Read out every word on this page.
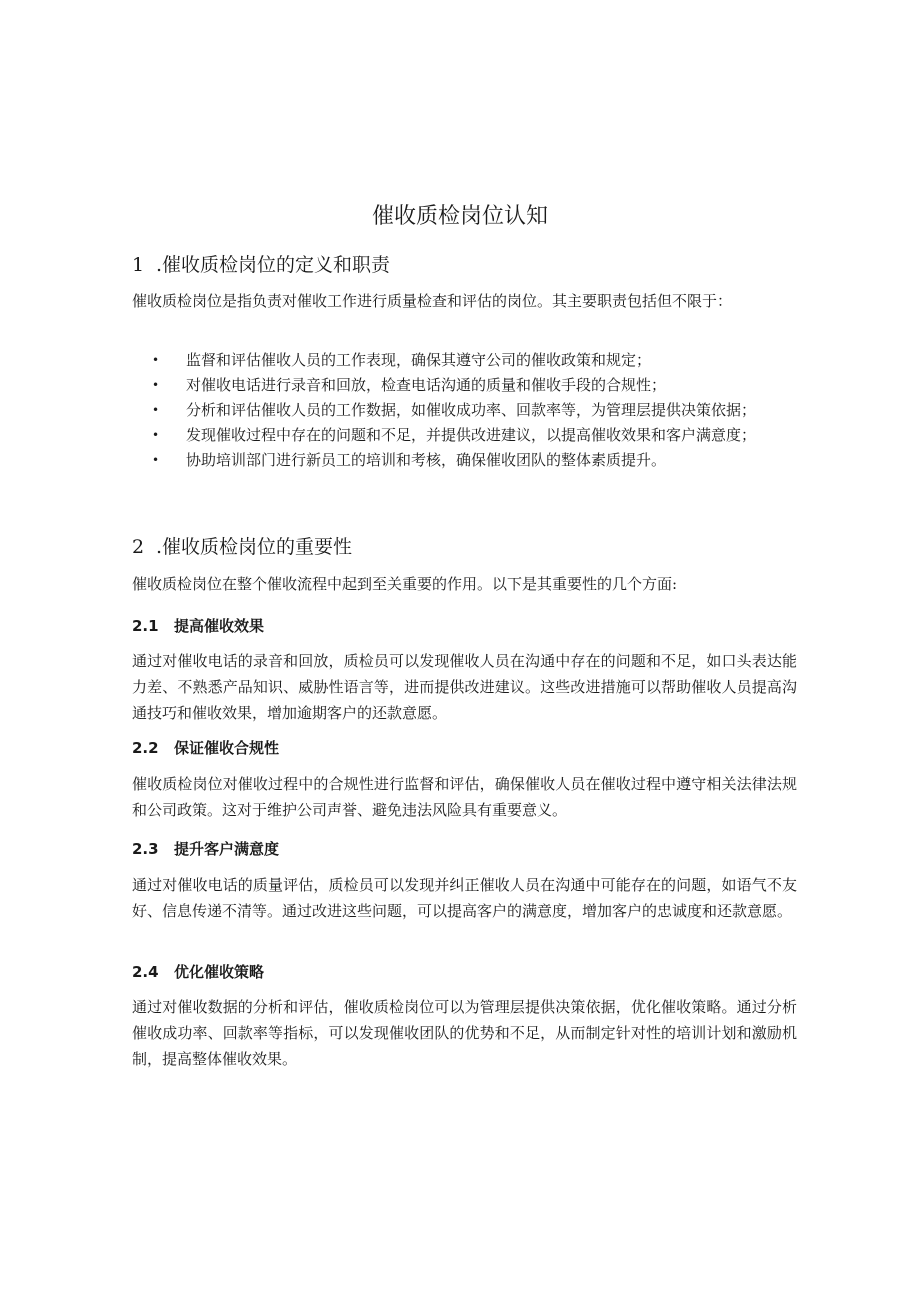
催收质检岗位认知
1 .催收质检岗位的定义和职责

催收质检岗位是指负责对催收工作进行质量检查和评估的岗位。其主要职责包括但不限于：

• 监督和评估催收人员的工作表现，确保其遵守公司的催收政策和规定；
• 对催收电话进行录音和回放，检查电话沟通的质量和催收手段的合规性；
• 分析和评估催收人员的工作数据，如催收成功率、回款率等，为管理层提供决策依据；
• 发现催收过程中存在的问题和不足，并提供改进建议，以提高催收效果和客户满意度；
• 协助培训部门进行新员工的培训和考核，确保催收团队的整体素质提升。
2 .催收质检岗位的重要性

催收质检岗位在整个催收流程中起到至关重要的作用。以下是其重要性的几个方面:

2.1 提高催收效果

通过对催收电话的录音和回放，质检员可以发现催收人员在沟通中存在的问题和不足，如口头表达能力差、不熟悉产品知识、威胁性语言等，进而提供改进建议。这些改进措施可以帮助催收人员提高沟通技巧和催收效果，增加逾期客户的还款意愿。

2.2 保证催收合规性

催收质检岗位对催收过程中的合规性进行监督和评估，确保催收人员在催收过程中遵守相关法律法规和公司政策。这对于维护公司声誉、避免违法风险具有重要意义。

2.3 提升客户满意度

通过对催收电话的质量评估，质检员可以发现并纠正催收人员在沟通中可能存在的问题，如语气不友好、信息传递不清等。通过改进这些问题，可以提高客户的满意度，增加客户的忠诚度和还款意愿。

2.4 优化催收策略

通过对催收数据的分析和评估，催收质检岗位可以为管理层提供决策依据，优化催收策略。通过分析催收成功率、回款率等指标，可以发现催收团队的优势和不足，从而制定针对性的培训计划和激励机制，提高整体催收效果。
